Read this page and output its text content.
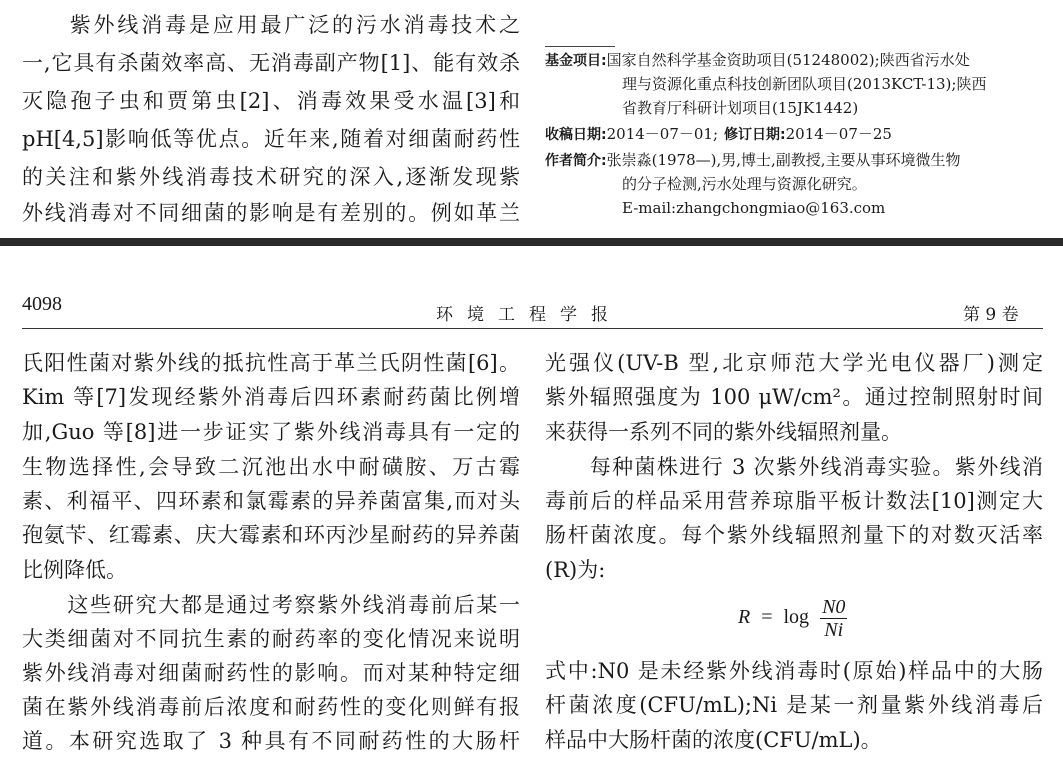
　　紫外线消毒是应用最广泛的污水消毒技术之
一,它具有杀菌效率高、无消毒副产物[1]、能有效杀
灭隐孢子虫和贾第虫[2]、消毒效果受水温[3]和
pH[4,5]影响低等优点。近年来,随着对细菌耐药性
的关注和紫外线消毒技术研究的深入,逐渐发现紫
外线消毒对不同细菌的影响是有差别的。例如革兰
基金项目:国家自然科学基金资助项目(51248002);陕西省污水处
理与资源化重点科技创新团队项目(2013KCT-13);陕西
省教育厅科研计划项目(15JK1442)
收稿日期:2014－07－01; 修订日期:2014－07－25
作者简介:张崇淼(1978—),男,博士,副教授,主要从事环境微生物
的分子检测,污水处理与资源化研究。
E-mail:zhangchongmiao@163.com
4098	环境工程学报	第 9 卷
氏阳性菌对紫外线的抵抗性高于革兰氏阴性菌[6]。
Kim 等[7]发现经紫外消毒后四环素耐药菌比例增
加,Guo 等[8]进一步证实了紫外线消毒具有一定的
生物选择性,会导致二沉池出水中耐磺胺、万古霉
素、利福平、四环素和氯霉素的异养菌富集,而对头
孢氨苄、红霉素、庆大霉素和环丙沙星耐药的异养菌
比例降低。
　　这些研究大都是通过考察紫外线消毒前后某一
大类细菌对不同抗生素的耐药率的变化情况来说明
紫外线消毒对细菌耐药性的影响。而对某种特定细
菌在紫外线消毒前后浓度和耐药性的变化则鲜有报
道。本研究选取了 3 种具有不同耐药性的大肠杆
光强仪(UV-B 型,北京师范大学光电仪器厂)测定
紫外辐照强度为 100 μW/cm²。通过控制照射时间
来获得一系列不同的紫外线辐照剂量。
　　每种菌株进行 3 次紫外线消毒实验。紫外线消
毒前后的样品采用营养琼脂平板计数法[10]测定大
肠杆菌浓度。每个紫外线辐照剂量下的对数灭活率
(R)为:
$R = \log \frac{N0}{Ni}$
式中:N0 是未经紫外线消毒时(原始)样品中的大肠
杆菌浓度(CFU/mL);Ni 是某一剂量紫外线消毒后
样品中大肠杆菌的浓度(CFU/mL)。
